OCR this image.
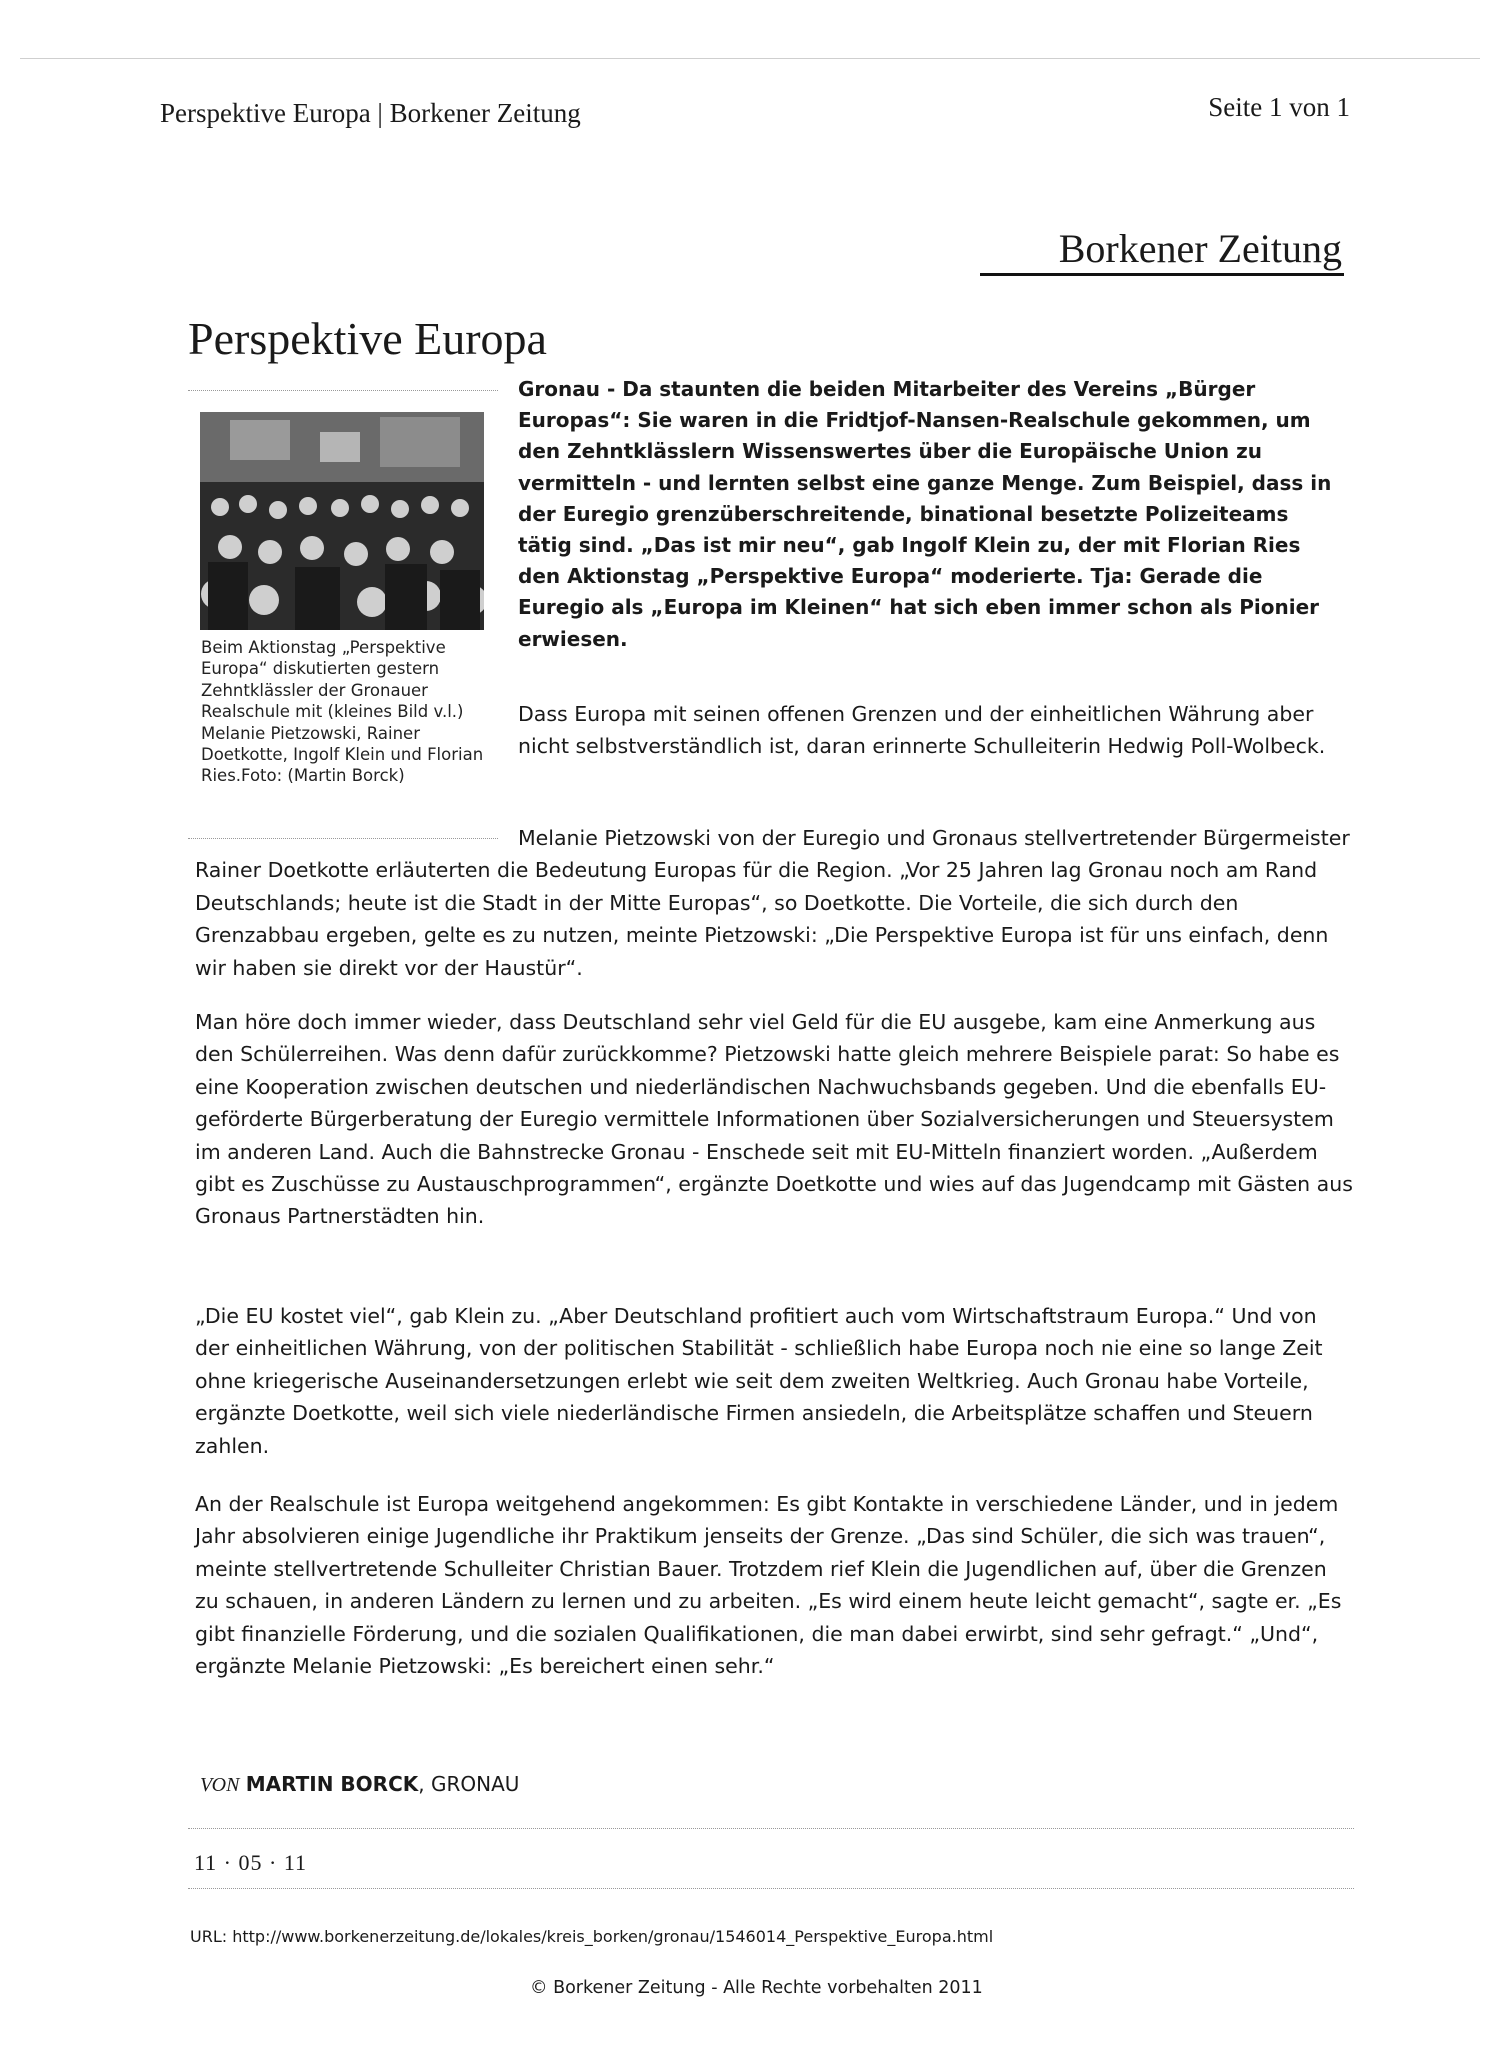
Perspektive Europa | Borkener Zeitung	Seite 1 von 1
Borkener Zeitung
Perspektive Europa
Beim Aktionstag „Perspektive Europa“ diskutierten gestern Zehntklässler der Gronauer Realschule mit (kleines Bild v.l.) Melanie Pietzowski, Rainer Doetkotte, Ingolf Klein und Florian Ries.Foto: (Martin Borck)
Gronau - Da staunten die beiden Mitarbeiter des Vereins „Bürger Europas“: Sie waren in die Fridtjof-Nansen-Realschule gekommen, um den Zehntklässlern Wissenswertes über die Europäische Union zu vermitteln - und lernten selbst eine ganze Menge. Zum Beispiel, dass in der Euregio grenzüberschreitende, binational besetzte Polizeiteams tätig sind. „Das ist mir neu“, gab Ingolf Klein zu, der mit Florian Ries den Aktionstag „Perspektive Europa“ moderierte. Tja: Gerade die Euregio als „Europa im Kleinen“ hat sich eben immer schon als Pionier erwiesen.

Dass Europa mit seinen offenen Grenzen und der einheitlichen Währung aber nicht selbstverständlich ist, daran erinnerte Schulleiterin Hedwig Poll-Wolbeck.

Melanie Pietzowski von der Euregio und Gronaus stellvertretender Bürgermeister Rainer Doetkotte erläuterten die Bedeutung Europas für die Region. „Vor 25 Jahren lag Gronau noch am Rand Deutschlands; heute ist die Stadt in der Mitte Europas“, so Doetkotte. Die Vorteile, die sich durch den Grenzabbau ergeben, gelte es zu nutzen, meinte Pietzowski: „Die Perspektive Europa ist für uns einfach, denn wir haben sie direkt vor der Haustür“.

Man höre doch immer wieder, dass Deutschland sehr viel Geld für die EU ausgebe, kam eine Anmerkung aus den Schülerreihen. Was denn dafür zurückkomme? Pietzowski hatte gleich mehrere Beispiele parat: So habe es eine Kooperation zwischen deutschen und niederländischen Nachwuchsbands gegeben. Und die ebenfalls EU-geförderte Bürgerberatung der Euregio vermittele Informationen über Sozialversicherungen und Steuersystem im anderen Land. Auch die Bahnstrecke Gronau - Enschede seit mit EU-Mitteln finanziert worden. „Außerdem gibt es Zuschüsse zu Austauschprogrammen“, ergänzte Doetkotte und wies auf das Jugendcamp mit Gästen aus Gronaus Partnerstädten hin.

„Die EU kostet viel“, gab Klein zu. „Aber Deutschland profitiert auch vom Wirtschaftstraum Europa.“ Und von der einheitlichen Währung, von der politischen Stabilität - schließlich habe Europa noch nie eine so lange Zeit ohne kriegerische Auseinandersetzungen erlebt wie seit dem zweiten Weltkrieg. Auch Gronau habe Vorteile, ergänzte Doetkotte, weil sich viele niederländische Firmen ansiedeln, die Arbeitsplätze schaffen und Steuern zahlen.

An der Realschule ist Europa weitgehend angekommen: Es gibt Kontakte in verschiedene Länder, und in jedem Jahr absolvieren einige Jugendliche ihr Praktikum jenseits der Grenze. „Das sind Schüler, die sich was trauen“, meinte stellvertretende Schulleiter Christian Bauer. Trotzdem rief Klein die Jugendlichen auf, über die Grenzen zu schauen, in anderen Ländern zu lernen und zu arbeiten. „Es wird einem heute leicht gemacht“, sagte er. „Es gibt finanzielle Förderung, und die sozialen Qualifikationen, die man dabei erwirbt, sind sehr gefragt.“ „Und“, ergänzte Melanie Pietzowski: „Es bereichert einen sehr.“

VON MARTIN BORCK, GRONAU
11 · 05 · 11
URL: http://www.borkenerzeitung.de/lokales/kreis_borken/gronau/1546014_Perspektive_Europa.html
© Borkener Zeitung - Alle Rechte vorbehalten 2011
